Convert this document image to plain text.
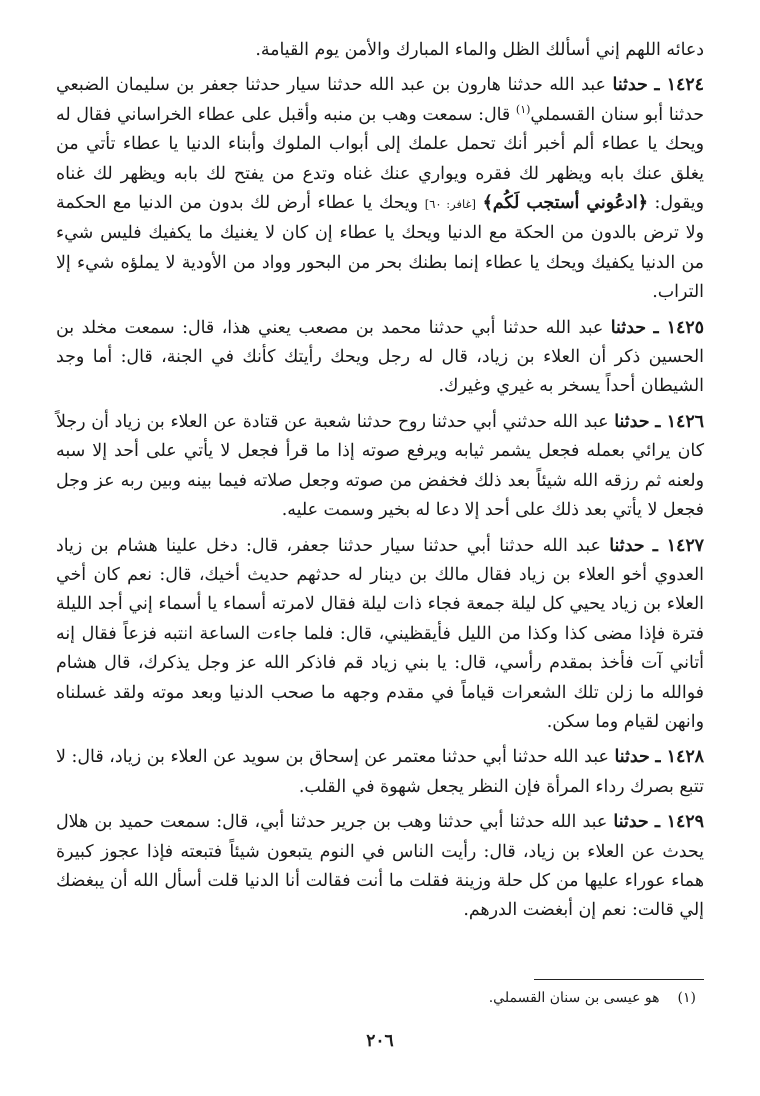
دعائه اللهم إني أسألك الظل والماء المبارك والأمن يوم القيامة.

١٤٢٤ ـ حدثنا عبد الله حدثنا هارون بن عبد الله حدثنا سيار حدثنا جعفر بن سليمان الضبعي حدثنا أبو سنان القسملي$^{(١)}$ قال: سمعت وهب بن منبه وأقبل على عطاء الخراساني فقال له ويحك يا عطاء ألم أخبر أنك تحمل علمك إلى أبواب الملوك وأبناء الدنيا يا عطاء تأتي من يغلق عنك بابه ويظهر لك فقره ويواري عنك غناه وتدع من يفتح لك بابه ويظهر لك غناه ويقول: ﴿ادعُوني أستجب لَكُم﴾ [غافر: ٦٠] ويحك يا عطاء أرض لك بدون من الدنيا مع الحكمة ولا ترض بالدون من الحكة مع الدنيا ويحك يا عطاء إن كان لا يغنيك ما يكفيك فليس شيء من الدنيا يكفيك ويحك يا عطاء إنما بطنك بحر من البحور وواد من الأودية لا يملؤه شيء إلا التراب.

١٤٢٥ ـ حدثنا عبد الله حدثنا أبي حدثنا محمد بن مصعب يعني هذا، قال: سمعت مخلد بن الحسين ذكر أن العلاء بن زياد، قال له رجل ويحك رأيتك كأنك في الجنة، قال: أما وجد الشيطان أحداً يسخر به غيري وغيرك.

١٤٢٦ ـ حدثنا عبد الله حدثني أبي حدثنا روح حدثنا شعبة عن قتادة عن العلاء بن زياد أن رجلاً كان يرائي بعمله فجعل يشمر ثيابه ويرفع صوته إذا ما قرأ فجعل لا يأتي على أحد إلا سبه ولعنه ثم رزقه الله شيئاً بعد ذلك فخفض من صوته وجعل صلاته فيما بينه وبين ربه عز وجل فجعل لا يأتي بعد ذلك على أحد إلا دعا له بخير وسمت عليه.

١٤٢٧ ـ حدثنا عبد الله حدثنا أبي حدثنا سيار حدثنا جعفر، قال: دخل علينا هشام بن زياد العدوي أخو العلاء بن زياد فقال مالك بن دينار له حدثهم حديث أخيك، قال: نعم كان أخي العلاء بن زياد يحيي كل ليلة جمعة فجاء ذات ليلة فقال لامرته أسماء يا أسماء إني أجد الليلة فترة فإذا مضى كذا وكذا من الليل فأيقظيني، قال: فلما جاءت الساعة انتبه فزعاً فقال إنه أتاني آت فأخذ بمقدم رأسي، قال: يا بني زياد قم فاذكر الله عز وجل يذكرك، قال هشام فوالله ما زلن تلك الشعرات قياماً في مقدم وجهه ما صحب الدنيا وبعد موته ولقد غسلناه وانهن لقيام وما سكن.

١٤٢٨ ـ حدثنا عبد الله حدثنا أبي حدثنا معتمر عن إسحاق بن سويد عن العلاء بن زياد، قال: لا تتبع بصرك رداء المرأة فإن النظر يجعل شهوة في القلب.

١٤٢٩ ـ حدثنا عبد الله حدثنا أبي حدثنا وهب بن جرير حدثنا أبي، قال: سمعت حميد بن هلال يحدث عن العلاء بن زياد، قال: رأيت الناس في النوم يتبعون شيئاً فتبعته فإذا عجوز كبيرة هماء عوراء عليها من كل حلة وزينة فقلت ما أنت فقالت أنا الدنيا قلت أسأل الله أن يبغضك إلي قالت: نعم إن أبغضت الدرهم.

(١)هو عيسى بن سنان القسملي.
٢٠٦
